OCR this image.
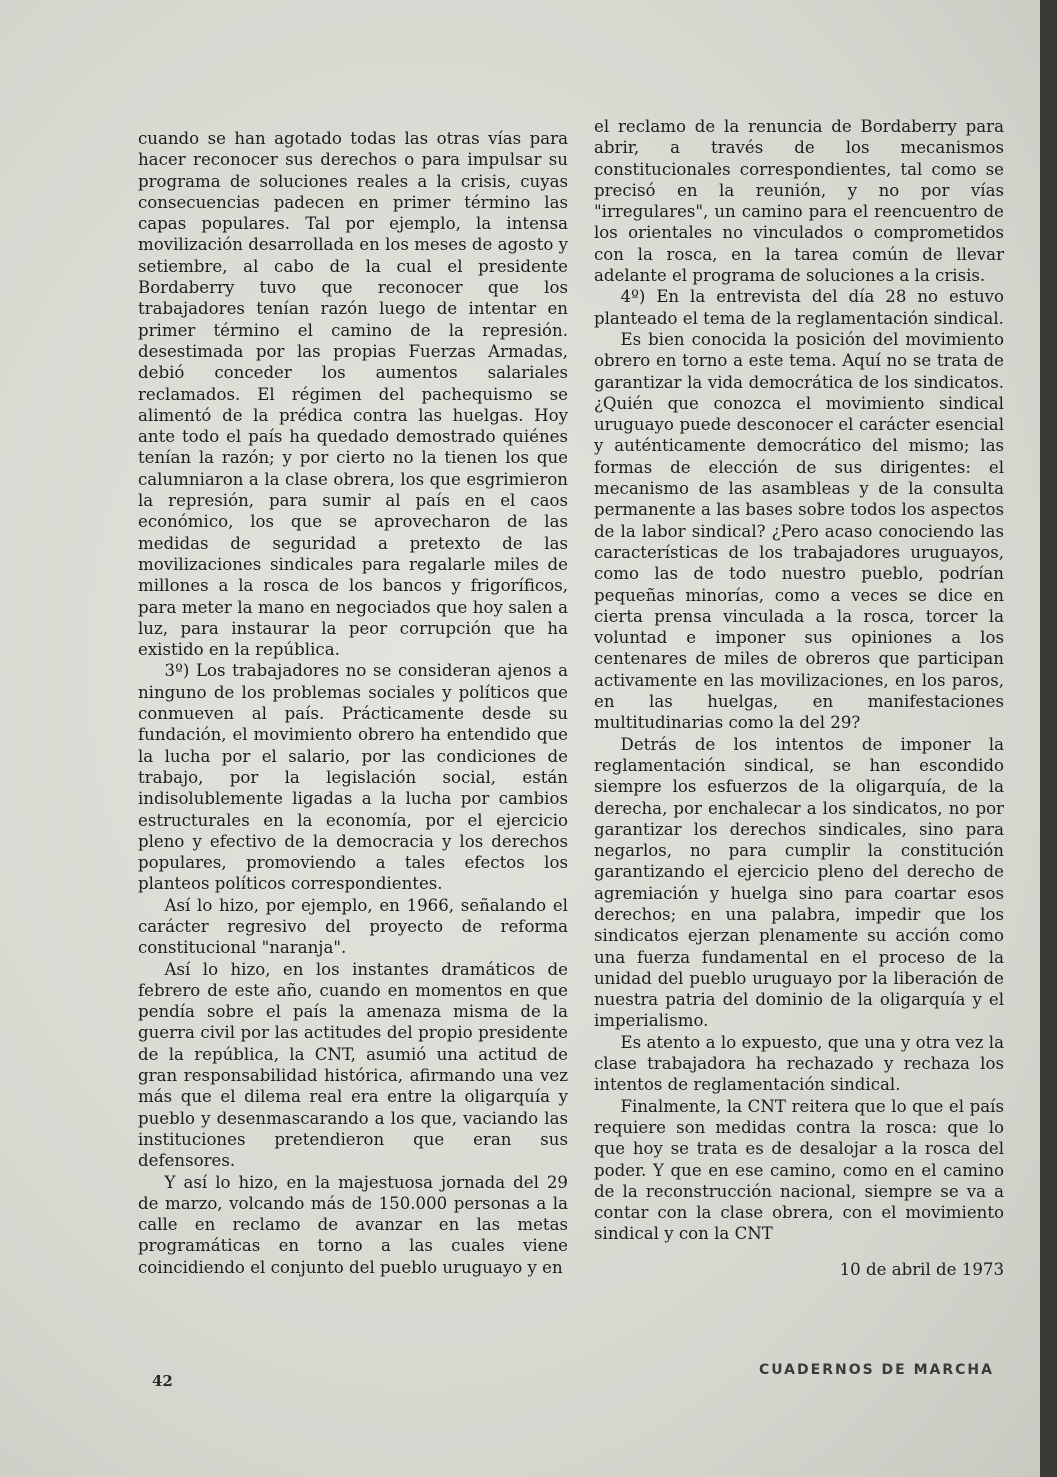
cuando se han agotado todas las otras vías para hacer reconocer sus derechos o para impulsar su programa de soluciones reales a la crisis, cuyas consecuencias padecen en primer término las capas populares. Tal por ejemplo, la intensa movilización desarrollada en los meses de agosto y setiembre, al cabo de la cual el presidente Bordaberry tuvo que reconocer que los trabajadores tenían razón luego de intentar en primer término el camino de la represión. desestimada por las propias Fuerzas Armadas, debió conceder los aumentos salariales reclamados. El régimen del pachequismo se alimentó de la prédica contra las huelgas. Hoy ante todo el país ha quedado demostrado quiénes tenían la razón; y por cierto no la tienen los que calumniaron a la clase obrera, los que esgrimieron la represión, para sumir al país en el caos económico, los que se aprovecharon de las medidas de seguridad a pretexto de las movilizaciones sindicales para regalarle miles de millones a la rosca de los bancos y frigoríficos, para meter la mano en negociados que hoy salen a luz, para instaurar la peor corrupción que ha existido en la república.

3º) Los trabajadores no se consideran ajenos a ninguno de los problemas sociales y políticos que conmueven al país. Prácticamente desde su fundación, el movimiento obrero ha entendido que la lucha por el salario, por las condiciones de trabajo, por la legislación social, están indisolublemente ligadas a la lucha por cambios estructurales en la economía, por el ejercicio pleno y efectivo de la democracia y los derechos populares, promoviendo a tales efectos los planteos políticos correspondientes.

Así lo hizo, por ejemplo, en 1966, señalando el carácter regresivo del proyecto de reforma constitucional "naranja".

Así lo hizo, en los instantes dramáticos de febrero de este año, cuando en momentos en que pendía sobre el país la amenaza misma de la guerra civil por las actitudes del propio presidente de la república, la CNT, asumió una actitud de gran responsabilidad histórica, afirmando una vez más que el dilema real era entre la oligarquía y pueblo y desenmascarando a los que, vaciando las instituciones pretendieron que eran sus defensores.

Y así lo hizo, en la majestuosa jornada del 29 de marzo, volcando más de 150.000 personas a la calle en reclamo de avanzar en las metas programáticas en torno a las cuales viene coincidiendo el conjunto del pueblo uruguayo y en

el reclamo de la renuncia de Bordaberry para abrir, a través de los mecanismos constitucionales correspondientes, tal como se precisó en la reunión, y no por vías "irregulares", un camino para el reencuentro de los orientales no vinculados o comprometidos con la rosca, en la tarea común de llevar adelante el programa de soluciones a la crisis.

4º) En la entrevista del día 28 no estuvo planteado el tema de la reglamentación sindical.

Es bien conocida la posición del movimiento obrero en torno a este tema. Aquí no se trata de garantizar la vida democrática de los sindicatos. ¿Quién que conozca el movimiento sindical uruguayo puede desconocer el carácter esencial y auténticamente democrático del mismo; las formas de elección de sus dirigentes: el mecanismo de las asambleas y de la consulta permanente a las bases sobre todos los aspectos de la labor sindical? ¿Pero acaso conociendo las características de los trabajadores uruguayos, como las de todo nuestro pueblo, podrían pequeñas minorías, como a veces se dice en cierta prensa vinculada a la rosca, torcer la voluntad e imponer sus opiniones a los centenares de miles de obreros que participan activamente en las movilizaciones, en los paros, en las huelgas, en manifestaciones multitudinarias como la del 29?

Detrás de los intentos de imponer la reglamentación sindical, se han escondido siempre los esfuerzos de la oligarquía, de la derecha, por enchalecar a los sindicatos, no por garantizar los derechos sindicales, sino para negarlos, no para cumplir la constitución garantizando el ejercicio pleno del derecho de agremiación y huelga sino para coartar esos derechos; en una palabra, impedir que los sindicatos ejerzan plenamente su acción como una fuerza fundamental en el proceso de la unidad del pueblo uruguayo por la liberación de nuestra patria del dominio de la oligarquía y el imperialismo.

Es atento a lo expuesto, que una y otra vez la clase trabajadora ha rechazado y rechaza los intentos de reglamentación sindical.

Finalmente, la CNT reitera que lo que el país requiere son medidas contra la rosca: que lo que hoy se trata es de desalojar a la rosca del poder. Y que en ese camino, como en el camino de la reconstrucción nacional, siempre se va a contar con la clase obrera, con el movimiento sindical y con la CNT

10 de abril de 1973

42
CUADERNOS DE MARCHA
